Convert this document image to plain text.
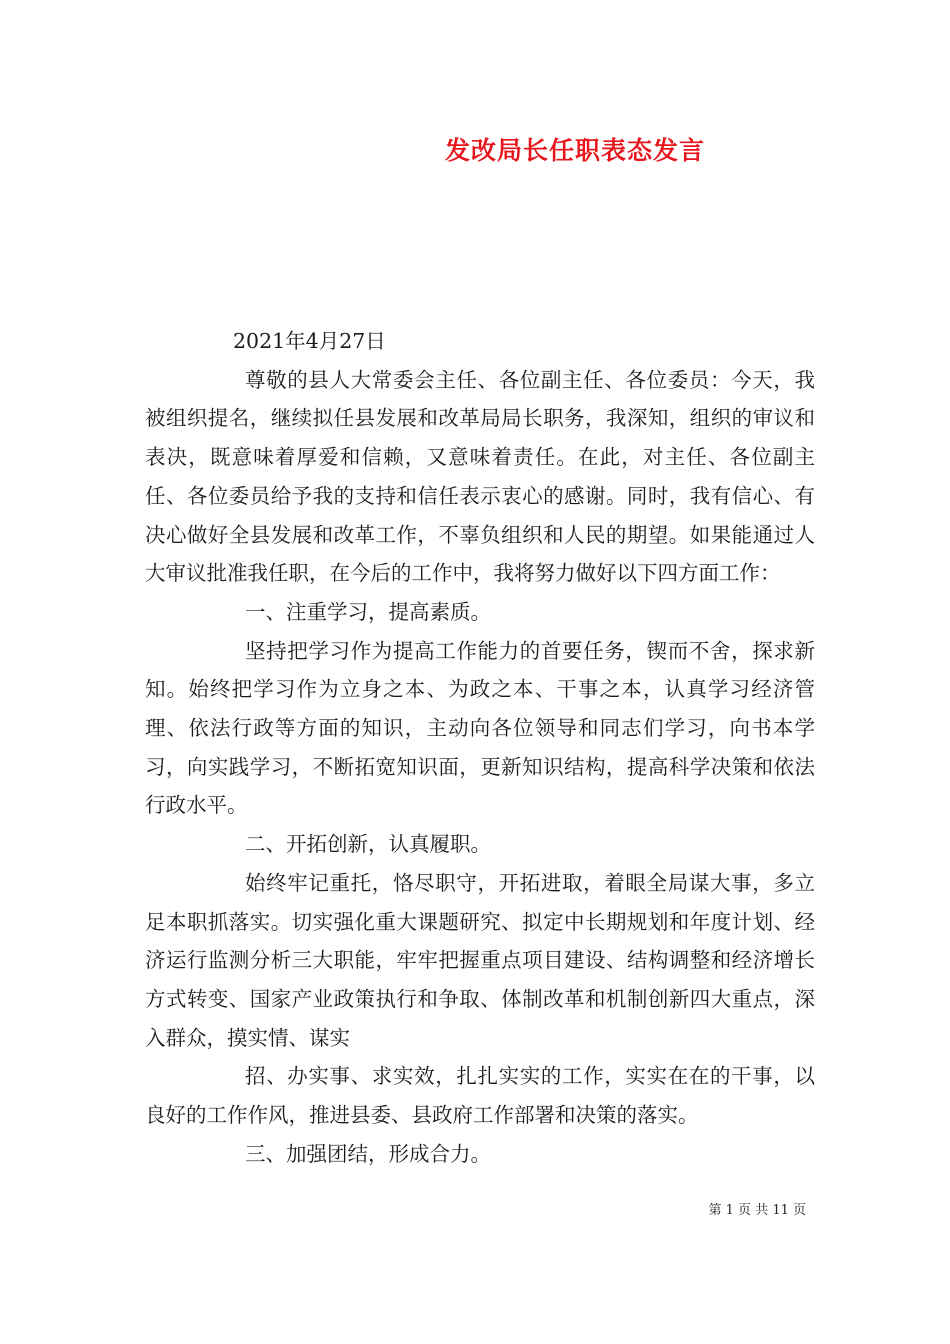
发改局长任职表态发言

2021年4月27日

尊敬的县人大常委会主任、各位副主任、各位委员：今天，我被组织提名，继续拟任县发展和改革局局长职务，我深知，组织的审议和表决，既意味着厚爱和信赖，又意味着责任。在此，对主任、各位副主任、各位委员给予我的支持和信任表示衷心的感谢。同时，我有信心、有决心做好全县发展和改革工作，不辜负组织和人民的期望。如果能通过人大审议批准我任职，在今后的工作中，我将努力做好以下四方面工作：

一、注重学习，提高素质。

坚持把学习作为提高工作能力的首要任务，锲而不舍，探求新知。始终把学习作为立身之本、为政之本、干事之本，认真学习经济管理、依法行政等方面的知识，主动向各位领导和同志们学习，向书本学习，向实践学习，不断拓宽知识面，更新知识结构，提高科学决策和依法行政水平。

二、开拓创新，认真履职。

始终牢记重托，恪尽职守，开拓进取，着眼全局谋大事，多立足本职抓落实。切实强化重大课题研究、拟定中长期规划和年度计划、经济运行监测分析三大职能，牢牢把握重点项目建设、结构调整和经济增长方式转变、国家产业政策执行和争取、体制改革和机制创新四大重点，深入群众，摸实情、谋实

招、办实事、求实效，扎扎实实的工作，实实在在的干事，以良好的工作作风，推进县委、县政府工作部署和决策的落实。

三、加强团结，形成合力。

第 1 页 共 11 页
